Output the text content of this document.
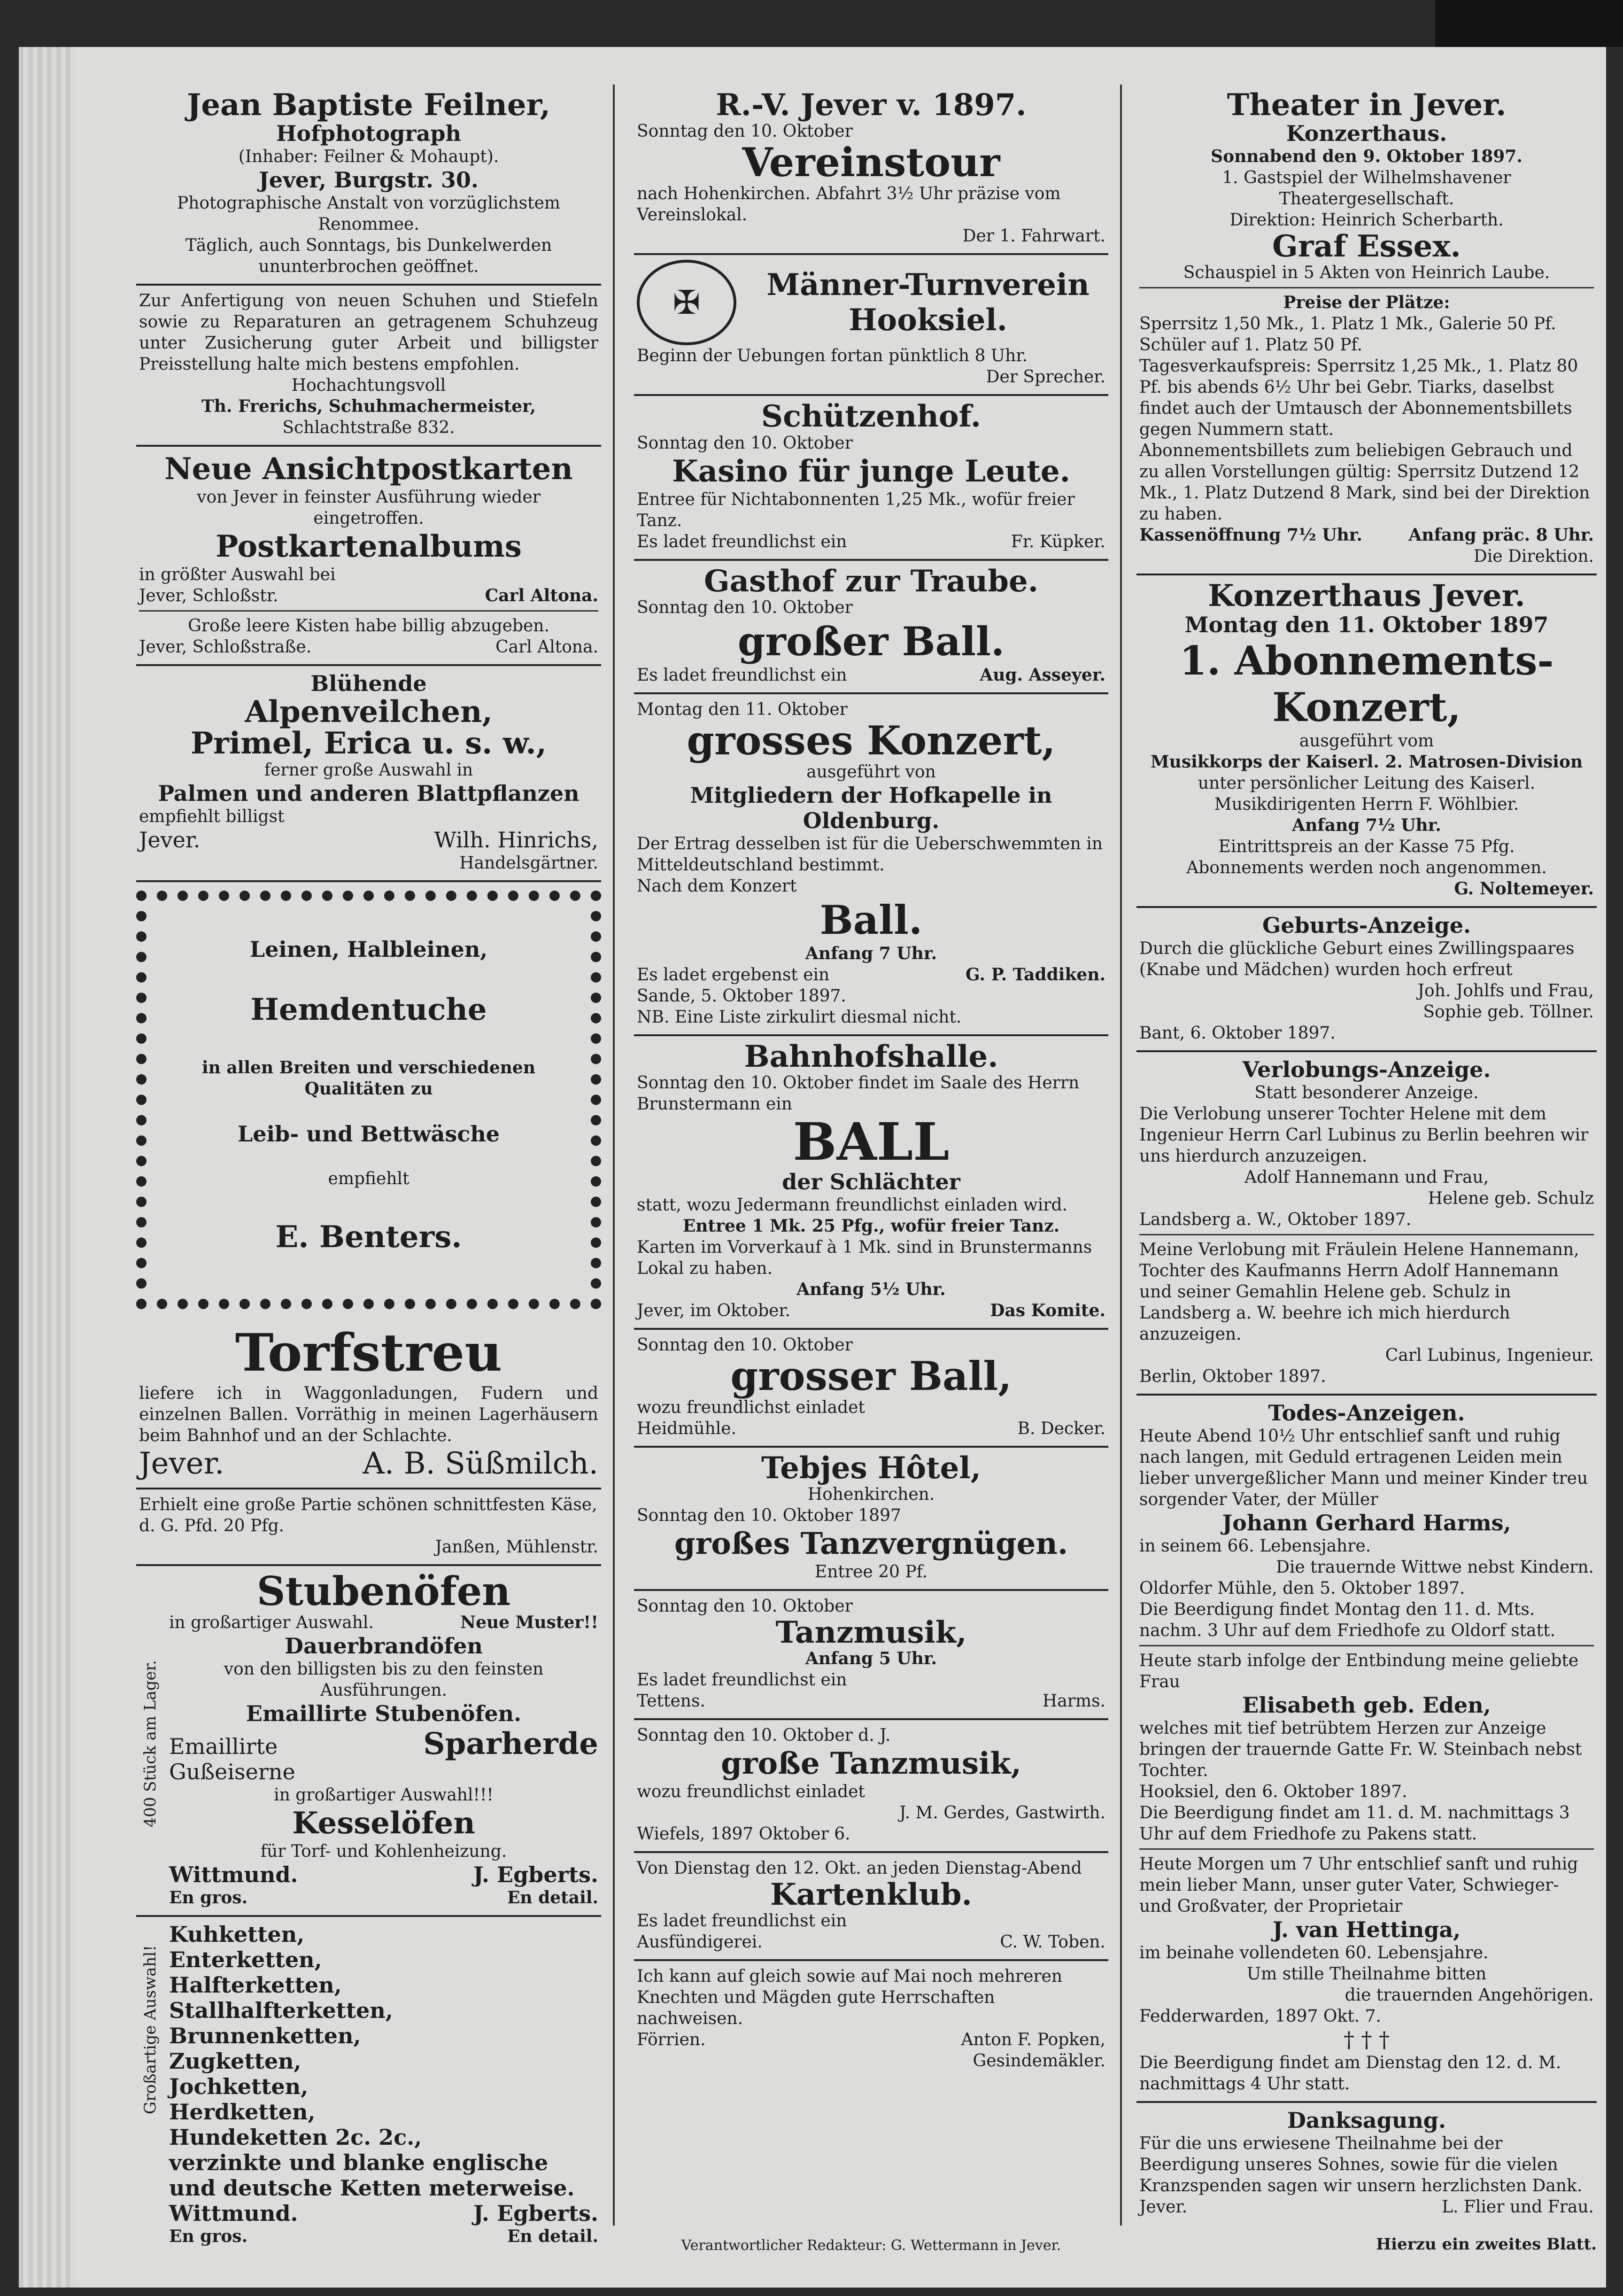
Jean Baptiste Feilner,

Hofphotograph

(Inhaber: Feilner & Mohaupt).

Jever, Burgstr. 30.

Photographische Anstalt von vorzüglichstem Renommee.

Täglich, auch Sonntags, bis Dunkelwerden ununterbrochen geöffnet.

Zur Anfertigung von neuen Schuhen und Stiefeln sowie zu Reparaturen an getragenem Schuhzeug unter Zusicherung guter Arbeit und billigster Preisstellung halte mich bestens empfohlen.

Hochachtungsvoll

Th. Frerichs, Schuhmachermeister,

Schlachtstraße 832.

Neue Ansichtpostkarten

von Jever in feinster Ausführung wieder eingetroffen.

Postkartenalbums

in größter Auswahl bei

Jever, Schloßstr.	Carl Altona.

Große leere Kisten habe billig abzugeben.

Jever, Schloßstraße.	Carl Altona.

Blühende

Alpenveilchen,

Primel, Erica u. s. w.,

ferner große Auswahl in

Palmen und anderen Blattpflanzen

empfiehlt billigst

Jever.	Wilh. Hinrichs,

Handelsgärtner.

Leinen, Halbleinen,

Hemdentuche

in allen Breiten und verschiedenen Qualitäten zu

Leib- und Bettwäsche

empfiehlt

E. Benters.

Torfstreu

liefere ich in Waggonladungen, Fudern und einzelnen Ballen. Vorräthig in meinen Lagerhäusern beim Bahnhof und an der Schlachte.

Jever.	A. B. Süßmilch.

Erhielt eine große Partie schönen schnittfesten Käse, d. G. Pfd. 20 Pfg.

Janßen, Mühlenstr.

400 Stück am Lager.

Stubenöfen

in großartiger Auswahl.	Neue Muster!!

Dauerbrandöfen

von den billigsten bis zu den feinsten Ausführungen.

Emaillirte Stubenöfen.

Emaillirte
Gußeiserne
Sparherde

in großartiger Auswahl!!!

Kesselöfen

für Torf- und Kohlenheizung.

Wittmund.	J. Egberts.
En gros.	En detail.
Großartige Auswahl!

Kuhketten,

Enterketten,

Halfterketten,

Stallhalfterketten,

Brunnenketten,

Zugketten,

Jochketten,

Herdketten,

Hundeketten 2c. 2c.,

verzinkte und blanke englische und deutsche Ketten meterweise.

Wittmund.	J. Egberts.
En gros.	En detail.

R.-V. Jever v. 1897.

Sonntag den 10. Oktober

Vereinstour

nach Hohenkirchen. Abfahrt 3½ Uhr präzise vom Vereinslokal.

Der 1. Fahrwart.

✠	Männer-Turnverein Hooksiel.

Beginn der Uebungen fortan pünktlich 8 Uhr.

Der Sprecher.

Schützenhof.

Sonntag den 10. Oktober

Kasino für junge Leute.

Entree für Nichtabonnenten 1,25 Mk., wofür freier Tanz.

Es ladet freundlichst ein	Fr. Küpker.

Gasthof zur Traube.

Sonntag den 10. Oktober

großer Ball.

Es ladet freundlichst ein	Aug. Asseyer.

Montag den 11. Oktober

grosses Konzert,

ausgeführt von

Mitgliedern der Hofkapelle in Oldenburg.

Der Ertrag desselben ist für die Ueberschwemmten in Mitteldeutschland bestimmt.

Nach dem Konzert

Ball.

Anfang 7 Uhr.

Es ladet ergebenst ein	G. P. Taddiken.

Sande, 5. Oktober 1897.

NB. Eine Liste zirkulirt diesmal nicht.

Bahnhofshalle.

Sonntag den 10. Oktober findet im Saale des Herrn Brunstermann ein

BALL

der Schlächter

statt, wozu Jedermann freundlichst einladen wird.

Entree 1 Mk. 25 Pfg., wofür freier Tanz.

Karten im Vorverkauf à 1 Mk. sind in Brunstermanns Lokal zu haben.

Anfang 5½ Uhr.

Jever, im Oktober.	Das Komite.

Sonntag den 10. Oktober

grosser Ball,

wozu freundlichst einladet

Heidmühle.	B. Decker.

Tebjes Hôtel,

Hohenkirchen.

Sonntag den 10. Oktober 1897

großes Tanzvergnügen.

Entree 20 Pf.

Sonntag den 10. Oktober

Tanzmusik,

Anfang 5 Uhr.

Es ladet freundlichst ein

Tettens.	Harms.

Sonntag den 10. Oktober d. J.

große Tanzmusik,

wozu freundlichst einladet

J. M. Gerdes, Gastwirth.

Wiefels, 1897 Oktober 6.

Von Dienstag den 12. Okt. an jeden Dienstag-Abend

Kartenklub.

Es ladet freundlichst ein

Ausfündigerei.	C. W. Toben.

Ich kann auf gleich sowie auf Mai noch mehreren Knechten und Mägden gute Herrschaften nachweisen.

Förrien.	Anton F. Popken,

Gesindemäkler.

Theater in Jever.

Konzerthaus.

Sonnabend den 9. Oktober 1897.

1. Gastspiel der Wilhelmshavener Theatergesellschaft.

Direktion: Heinrich Scherbarth.

Graf Essex.

Schauspiel in 5 Akten von Heinrich Laube.

Preise der Plätze:

Sperrsitz 1,50 Mk., 1. Platz 1 Mk., Galerie 50 Pf.

Schüler auf 1. Platz 50 Pf.

Tagesverkaufspreis: Sperrsitz 1,25 Mk., 1. Platz 80 Pf. bis abends 6½ Uhr bei Gebr. Tiarks, daselbst findet auch der Umtausch der Abonnementsbillets gegen Nummern statt.

Abonnementsbillets zum beliebigen Gebrauch und zu allen Vorstellungen gültig: Sperrsitz Dutzend 12 Mk., 1. Platz Dutzend 8 Mark, sind bei der Direktion zu haben.

Kassenöffnung 7½ Uhr.	Anfang präc. 8 Uhr.

Die Direktion.

Konzerthaus Jever.

Montag den 11. Oktober 1897

1. Abonnements-Konzert,

ausgeführt vom

Musikkorps der Kaiserl. 2. Matrosen-Division

unter persönlicher Leitung des Kaiserl. Musikdirigenten Herrn F. Wöhlbier.

Anfang 7½ Uhr.

Eintrittspreis an der Kasse 75 Pfg.

Abonnements werden noch angenommen.

G. Noltemeyer.

Geburts-Anzeige.

Durch die glückliche Geburt eines Zwillingspaares (Knabe und Mädchen) wurden hoch erfreut

Joh. Johlfs und Frau,

Sophie geb. Töllner.

Bant, 6. Oktober 1897.

Verlobungs-Anzeige.

Statt besonderer Anzeige.

Die Verlobung unserer Tochter Helene mit dem Ingenieur Herrn Carl Lubinus zu Berlin beehren wir uns hierdurch anzuzeigen.

Adolf Hannemann und Frau,

Helene geb. Schulz

Landsberg a. W., Oktober 1897.

Meine Verlobung mit Fräulein Helene Hannemann, Tochter des Kaufmanns Herrn Adolf Hannemann und seiner Gemahlin Helene geb. Schulz in Landsberg a. W. beehre ich mich hierdurch anzuzeigen.

Carl Lubinus, Ingenieur.

Berlin, Oktober 1897.

Todes-Anzeigen.

Heute Abend 10½ Uhr entschlief sanft und ruhig nach langen, mit Geduld ertragenen Leiden mein lieber unvergeßlicher Mann und meiner Kinder treu sorgender Vater, der Müller

Johann Gerhard Harms,

in seinem 66. Lebensjahre.

Die trauernde Wittwe nebst Kindern.

Oldorfer Mühle, den 5. Oktober 1897.

Die Beerdigung findet Montag den 11. d. Mts. nachm. 3 Uhr auf dem Friedhofe zu Oldorf statt.

Heute starb infolge der Entbindung meine geliebte Frau

Elisabeth geb. Eden,

welches mit tief betrübtem Herzen zur Anzeige bringen der trauernde Gatte Fr. W. Steinbach nebst Tochter.

Hooksiel, den 6. Oktober 1897.

Die Beerdigung findet am 11. d. M. nachmittags 3 Uhr auf dem Friedhofe zu Pakens statt.

Heute Morgen um 7 Uhr entschlief sanft und ruhig mein lieber Mann, unser guter Vater, Schwieger- und Großvater, der Proprietair

J. van Hettinga,

im beinahe vollendeten 60. Lebensjahre.

Um stille Theilnahme bitten

die trauernden Angehörigen.

Fedderwarden, 1897 Okt. 7.

† † †

Die Beerdigung findet am Dienstag den 12. d. M. nachmittags 4 Uhr statt.

Danksagung.

Für die uns erwiesene Theilnahme bei der Beerdigung unseres Sohnes, sowie für die vielen Kranzspenden sagen wir unsern herzlichsten Dank.

Jever.	L. Flier und Frau.
Verantwortlicher Redakteur: G. Wettermann in Jever.	Hierzu ein zweites Blatt.
